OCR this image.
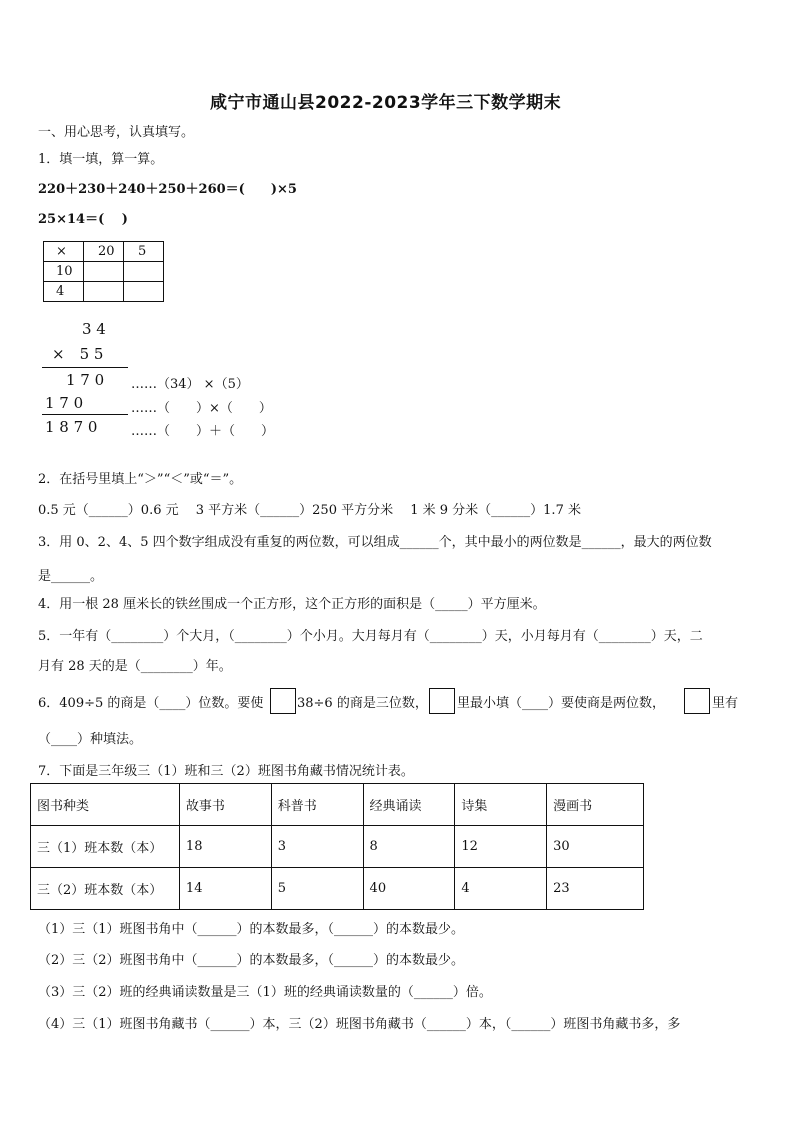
咸宁市通山县2022-2023学年三下数学期末
一、用心思考，认真填写。
1．填一填，算一算。
220＋230＋240＋250＋260＝(　　)×5
25×14＝(　 )
×	20	5
10		
4		
3 4
×　5 5
1 7 0 ……（34） ×（5）
1 7 0	……（　　）×（　　）
1 8 7 0	……（　　）＋（　　）
2．在括号里填上“＞”“＜”或“＝”。
0.5 元（______）0.6 元　 3 平方米（______）250 平方分米　 1 米 9 分米（______）1.7 米
3．用 0、2、4、5 四个数字组成没有重复的两位数，可以组成______个，其中最小的两位数是______，最大的两位数
是______。
4．用一根 28 厘米长的铁丝围成一个正方形，这个正方形的面积是（_____）平方厘米。
5．一年有（________）个大月，（________）个小月。大月每月有（________）天，小月每月有（________）天，二
月有 28 天的是（________）年。
6．409÷5 的商是（____）位数。要使	38÷6 的商是三位数， 里最小填（____）要使商是两位数，	里有
（____）种填法。
7．下面是三年级三（1）班和三（2）班图书角藏书情况统计表。
图书种类	故事书	科普书	经典诵读	诗集	漫画书
三（1）班本数（本）	18	3	8	12	30
三（2）班本数（本）	14	5	40	4	23
（1）三（1）班图书角中（______）的本数最多，（______）的本数最少。
（2）三（2）班图书角中（______）的本数最多，（______）的本数最少。
（3）三（2）班的经典诵读数量是三（1）班的经典诵读数量的（______）倍。
（4）三（1）班图书角藏书（______）本，三（2）班图书角藏书（______）本，（______）班图书角藏书多，多
